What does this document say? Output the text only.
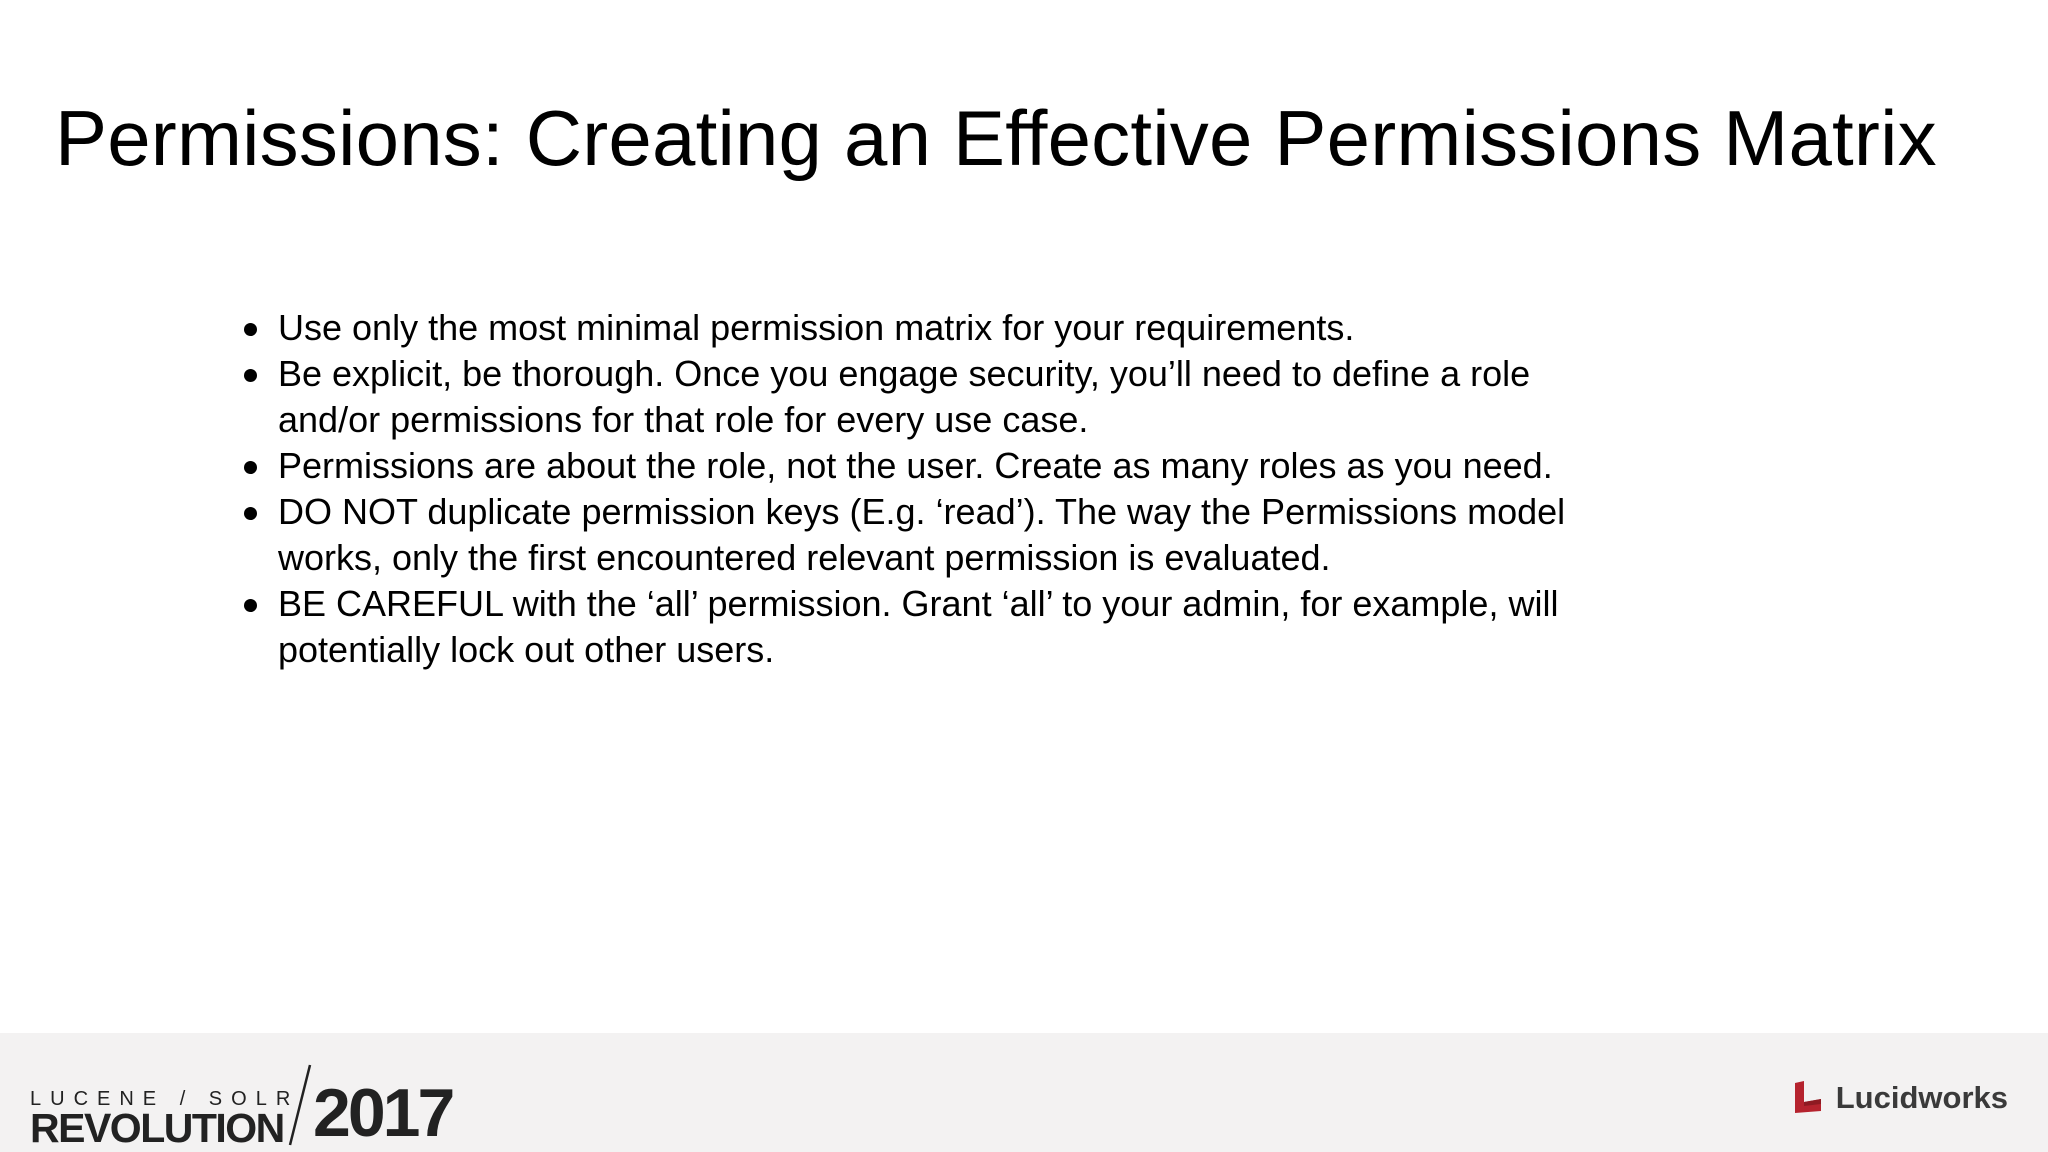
Permissions: Creating an Effective Permissions Matrix
Use only the most minimal permission matrix for your requirements.
Be explicit, be thorough. Once you engage security, you’ll need to define a role and/or permissions for that role for every use case.
Permissions are about the role, not the user. Create as many roles as you need.
DO NOT duplicate permission keys (E.g. ‘read’). The way the Permissions model works, only the first encountered relevant permission is evaluated.
BE CAREFUL with the ‘all’ permission. Grant ‘all’ to your admin, for example, will potentially lock out other users.
LUCENE / SOLR
REVOLUTION 2017	Lucidworks
